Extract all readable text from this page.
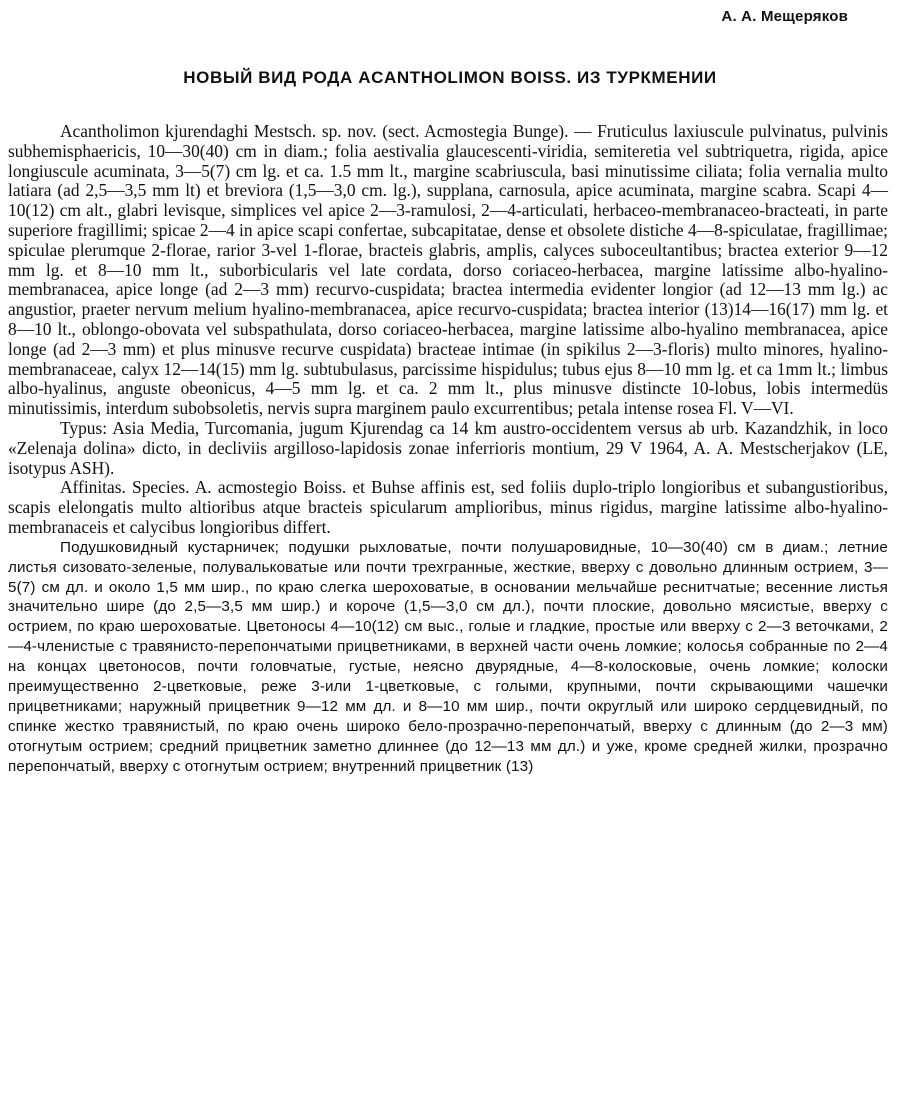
А. А. Мещеряков
НОВЫЙ ВИД РОДА ACANTHOLIMON BOISS. ИЗ ТУРКМЕНИИ

Acantholimon kjurendaghi Mestsch. sp. nov. (sect. Acmostegia Bunge). — Fruticulus laxiuscule pulvinatus, pulvinis subhemisphaericis, 10—30(40) cm in diam.; folia aestivalia glaucescenti-viridia, semiteretia vel subtriquetra, rigida, apice longiuscule acuminata, 3—5(7) cm lg. et ca. 1.5 mm lt., margine scabriuscula, basi minutissime ciliata; folia vernalia multo latiara (ad 2,5—3,5 mm lt) et breviora (1,5—3,0 cm. lg.), supplana, carnosula, apice acuminata, margine scabra. Scapi 4—10(12) cm alt., glabri levisque, simplices vel apice 2—3-ramulosi, 2—4-articulati, herbaceo-membranaceo-bracteati, in parte superiore fragillimi; spicae 2—4 in apice scapi confertae, subcapitatae, dense et obsolete distiche 4—8-spiculatae, fragillimae; spiculae plerumque 2-florae, rarior 3-vel 1-florae, bracteis glabris, amplis, calyces suboceultantibus; bractea exterior 9—12 mm lg. et 8—10 mm lt., suborbicularis vel late cordata, dorso coriaceo-herbacea, margine latissime albo-hyalino-membranacea, apice longe (ad 2—3 mm) recurvo-cuspidata; bractea intermedia evidenter longior (ad 12—13 mm lg.) ac angustior, praeter nervum melium hyalino-membranacea, apice recurvo-cuspidata; bractea interior (13)14—16(17) mm lg. et 8—10 lt., oblongo-obovata vel subspathulata, dorso coriaceo-herbacea, margine latissime albo-hyalino membranacea, apice longe (ad 2—3 mm) et plus minusve recurve cuspidata) bracteae intimae (in spikilus 2—3-floris) multo minores, hyalino-membranaceae, calyx 12—14(15) mm lg. subtubulasus, parcissime hispidulus; tubus ejus 8—10 mm lg. et ca 1mm lt.; limbus albo-hyalinus, anguste obeonicus, 4—5 mm lg. et ca. 2 mm lt., plus minusve distincte 10-lobus, lobis intermedüs minutissimis, interdum subobsoletis, nervis supra marginem paulo excurrentibus; petala intense rosea Fl. V—VI.

Typus: Asia Media, Turcomania, jugum Kjurendag ca 14 km austro-occidentem versus ab urb. Kazandzhik, in loco «Zelenaja dolina» dicto, in decliviis argilloso-lapidosis zonae inferrioris montium, 29 V 1964, A. A. Mestscherjakov (LE, isotypus ASH).

Affinitas. Species. A. acmostegio Boiss. et Buhse affinis est, sed foliis duplo-triplo longioribus et subangustioribus, scapis elelongatis multo altioribus atque bracteis spicularum amplioribus, minus rigidus, margine latissime albo-hyalino-membranaceis et calycibus longioribus differt.

Подушковидный кустарничек; подушки рыхловатые, почти полушаровидные, 10—30(40) см в диам.; летние листья сизовато-зеленые, полувальковатые или почти трехгранные, жесткие, вверху с довольно длинным острием, 3—5(7) см дл. и около 1,5 мм шир., по краю слегка шероховатые, в основании мельчайше реснитчатые; весенние листья значительно шире (до 2,5—3,5 мм шир.) и короче (1,5—3,0 см дл.), почти плоские, довольно мясистые, вверху с острием, по краю шероховатые. Цветоносы 4—10(12) см выс., голые и гладкие, простые или вверху с 2—3 веточками, 2—4-членистые с травянисто-перепончатыми прицветниками, в верхней части очень ломкие; колосья собранные по 2—4 на концах цветоносов, почти головчатые, густые, неясно двурядные, 4—8-колосковые, очень ломкие; колоски преимущественно 2-цветковые, реже 3-или 1-цветковые, с голыми, крупными, почти скрывающими чашечки прицветниками; наружный прицветник 9—12 мм дл. и 8—10 мм шир., почти округлый или широко сердцевидный, по спинке жестко травянистый, по краю очень широко бело-прозрачно-перепончатый, вверху с длинным (до 2—3 мм) отогнутым острием; средний прицветник заметно длиннее (до 12—13 мм дл.) и уже, кроме средней жилки, прозрачно перепончатый, вверху с отогнутым острием; внутренний прицветник (13)
